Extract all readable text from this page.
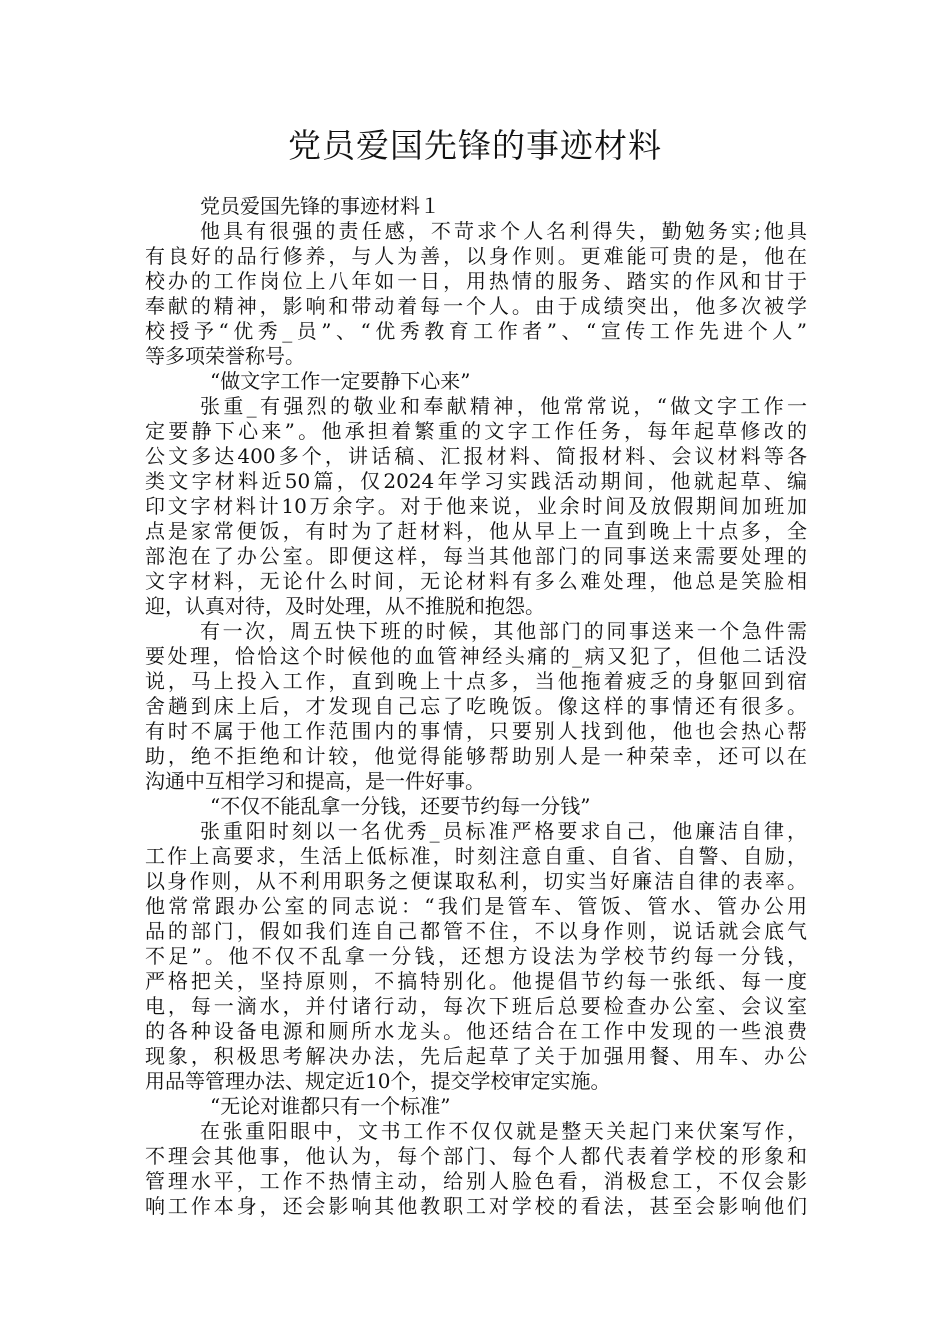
党员爱国先锋的事迹材料

党员爱国先锋的事迹材料１

他具有很强的责任感，不苛求个人名利得失，勤勉务实;他具

有良好的品行修养，与人为善，以身作则。更难能可贵的是，他在

校办的工作岗位上八年如一日，用热情的服务、踏实的作风和甘于

奉献的精神，影响和带动着每一个人。由于成绩突出，他多次被学

校授予“优秀_员”、“优秀教育工作者”、“宣传工作先进个人”

等多项荣誉称号。

“做文字工作一定要静下心来”

张重_有强烈的敬业和奉献精神，他常常说，“做文字工作一

定要静下心来”。他承担着繁重的文字工作任务，每年起草修改的

公文多达400多个，讲话稿、汇报材料、简报材料、会议材料等各

类文字材料近50篇，仅2024年学习实践活动期间，他就起草、编

印文字材料计10万余字。对于他来说，业余时间及放假期间加班加

点是家常便饭，有时为了赶材料，他从早上一直到晚上十点多，全

部泡在了办公室。即便这样，每当其他部门的同事送来需要处理的

文字材料，无论什么时间，无论材料有多么难处理，他总是笑脸相

迎，认真对待，及时处理，从不推脱和抱怨。

有一次，周五快下班的时候，其他部门的同事送来一个急件需

要处理，恰恰这个时候他的血管神经头痛的_病又犯了，但他二话没

说，马上投入工作，直到晚上十点多，当他拖着疲乏的身躯回到宿

舍趟到床上后，才发现自己忘了吃晚饭。像这样的事情还有很多。

有时不属于他工作范围内的事情，只要别人找到他，他也会热心帮

助，绝不拒绝和计较，他觉得能够帮助别人是一种荣幸，还可以在

沟通中互相学习和提高，是一件好事。

“不仅不能乱拿一分钱，还要节约每一分钱”

张重阳时刻以一名优秀_员标准严格要求自己，他廉洁自律，

工作上高要求，生活上低标准，时刻注意自重、自省、自警、自励，

以身作则，从不利用职务之便谋取私利，切实当好廉洁自律的表率。

他常常跟办公室的同志说：“我们是管车、管饭、管水、管办公用

品的部门，假如我们连自己都管不住，不以身作则，说话就会底气

不足”。他不仅不乱拿一分钱，还想方设法为学校节约每一分钱，

严格把关，坚持原则，不搞特别化。他提倡节约每一张纸、每一度

电，每一滴水，并付诸行动，每次下班后总要检查办公室、会议室

的各种设备电源和厕所水龙头。他还结合在工作中发现的一些浪费

现象，积极思考解决办法，先后起草了关于加强用餐、用车、办公

用品等管理办法、规定近10个，提交学校审定实施。

“无论对谁都只有一个标准”

在张重阳眼中，文书工作不仅仅就是整天关起门来伏案写作，

不理会其他事，他认为，每个部门、每个人都代表着学校的形象和

管理水平，工作不热情主动，给别人脸色看，消极怠工，不仅会影

响工作本身，还会影响其他教职工对学校的看法，甚至会影响他们
